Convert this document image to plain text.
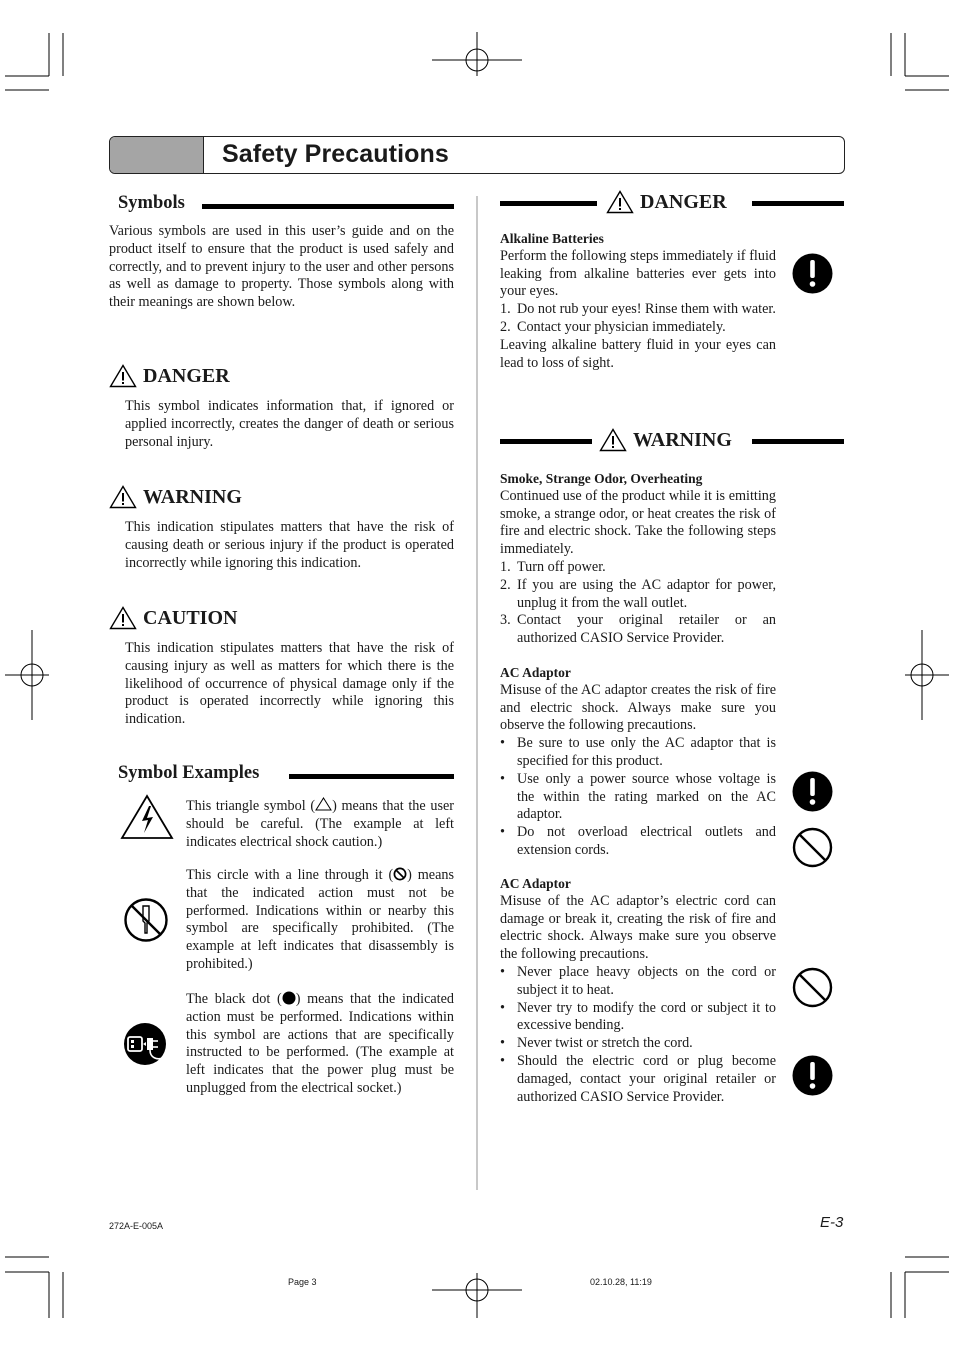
Safety Precautions
Symbols
Various symbols are used in this user’s guide and on the product itself to ensure that the product is used safely and correctly, and to prevent injury to the user and other persons as well as damage to property. Those symbols along with their meanings are shown below.
DANGER
This symbol indicates information that, if ignored or applied incorrectly, creates the danger of death or serious personal injury.
WARNING
This indication stipulates matters that have the risk of causing death or serious injury if the product is operated incorrectly while ignoring this indication.
CAUTION
This indication stipulates matters that have the risk of causing injury as well as matters for which there is the likelihood of occurrence of physical damage only if the product is operated incorrectly while ignoring this indication.
Symbol Examples
This triangle symbol ( ) means that the user should be careful. (The example at left indicates electrical shock caution.)
This circle with a line through it ( ) means that the indicated action must not be performed. Indications within or nearby this symbol are specifically prohibited. (The example at left indicates that disassembly is prohibited.)
The black dot ( ) means that the indicated action must be performed. Indications within this symbol are actions that are specifically instructed to be performed. (The example at left indicates that the power plug must be unplugged from the electrical socket.)
DANGER

Alkaline Batteries

Perform the following steps immediately if fluid leaking from alkaline batteries ever gets into your eyes.

1. Do not rub your eyes! Rinse them with water.
2. Contact your physician immediately.

Leaving alkaline battery fluid in your eyes can lead to loss of sight.

WARNING

Smoke, Strange Odor, Overheating

Continued use of the product while it is emitting smoke, a strange odor, or heat creates the risk of fire and electric shock. Take the following steps immediately.

1. Turn off power.
2. If you are using the AC adaptor for power, unplug it from the wall outlet.
3. Contact your original retailer or an authorized CASIO Service Provider.

AC Adaptor

Misuse of the AC adaptor creates the risk of fire and electric shock. Always make sure you observe the following precautions.

• Be sure to use only the AC adaptor that is specified for this product.
• Use only a power source whose voltage is the within the rating marked on the AC adaptor.
• Do not overload electrical outlets and extension cords.

AC Adaptor

Misuse of the AC adaptor’s electric cord can damage or break it, creating the risk of fire and electric shock. Always make sure you observe the following precautions.

• Never place heavy objects on the cord or subject it to heat.
• Never try to modify the cord or subject it to excessive bending.
• Never twist or stretch the cord.
• Should the electric cord or plug become damaged, contact your original retailer or authorized CASIO Service Provider.
272A-E-005A	E-3
Page 3	02.10.28, 11:19
